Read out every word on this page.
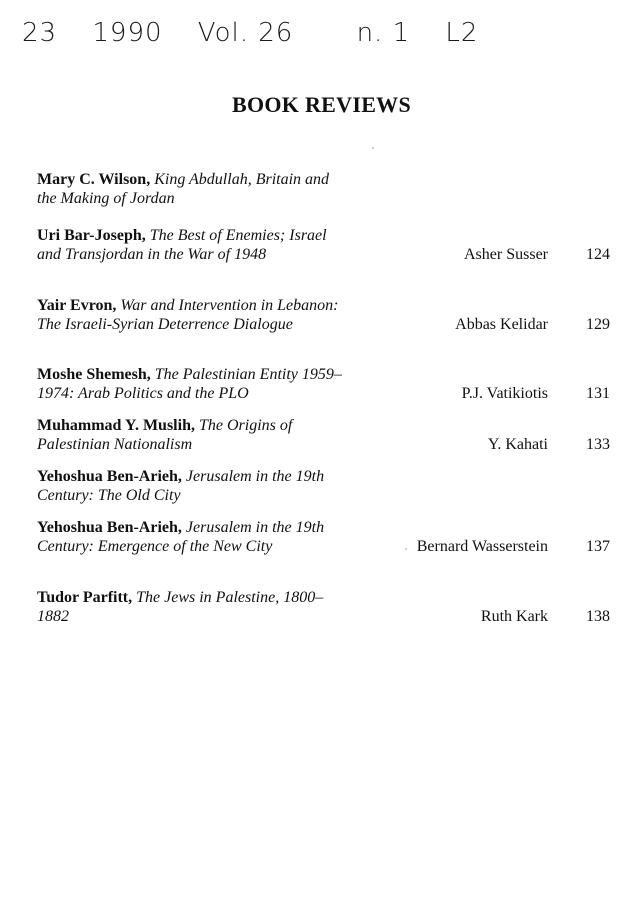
23 1990 Vol. 26 n. 1 L2
BOOK REVIEWS
Mary C. Wilson, King Abdullah, Britain and the Making of Jordan
Uri Bar-Joseph, The Best of Enemies; Israel and Transjordan in the War of 1948	Asher Susser 124
Yair Evron, War and Intervention in Lebanon: The Israeli-Syrian Deterrence Dialogue	Abbas Kelidar 129
Moshe Shemesh, The Palestinian Entity 1959–1974: Arab Politics and the PLO	P.J. Vatikiotis 131
Muhammad Y. Muslih, The Origins of Palestinian Nationalism	Y. Kahati 133
Yehoshua Ben-Arieh, Jerusalem in the 19th Century: The Old City
Yehoshua Ben-Arieh, Jerusalem in the 19th Century: Emergence of the New City	Bernard Wasserstein 137
Tudor Parfitt, The Jews in Palestine, 1800–1882	Ruth Kark 138
